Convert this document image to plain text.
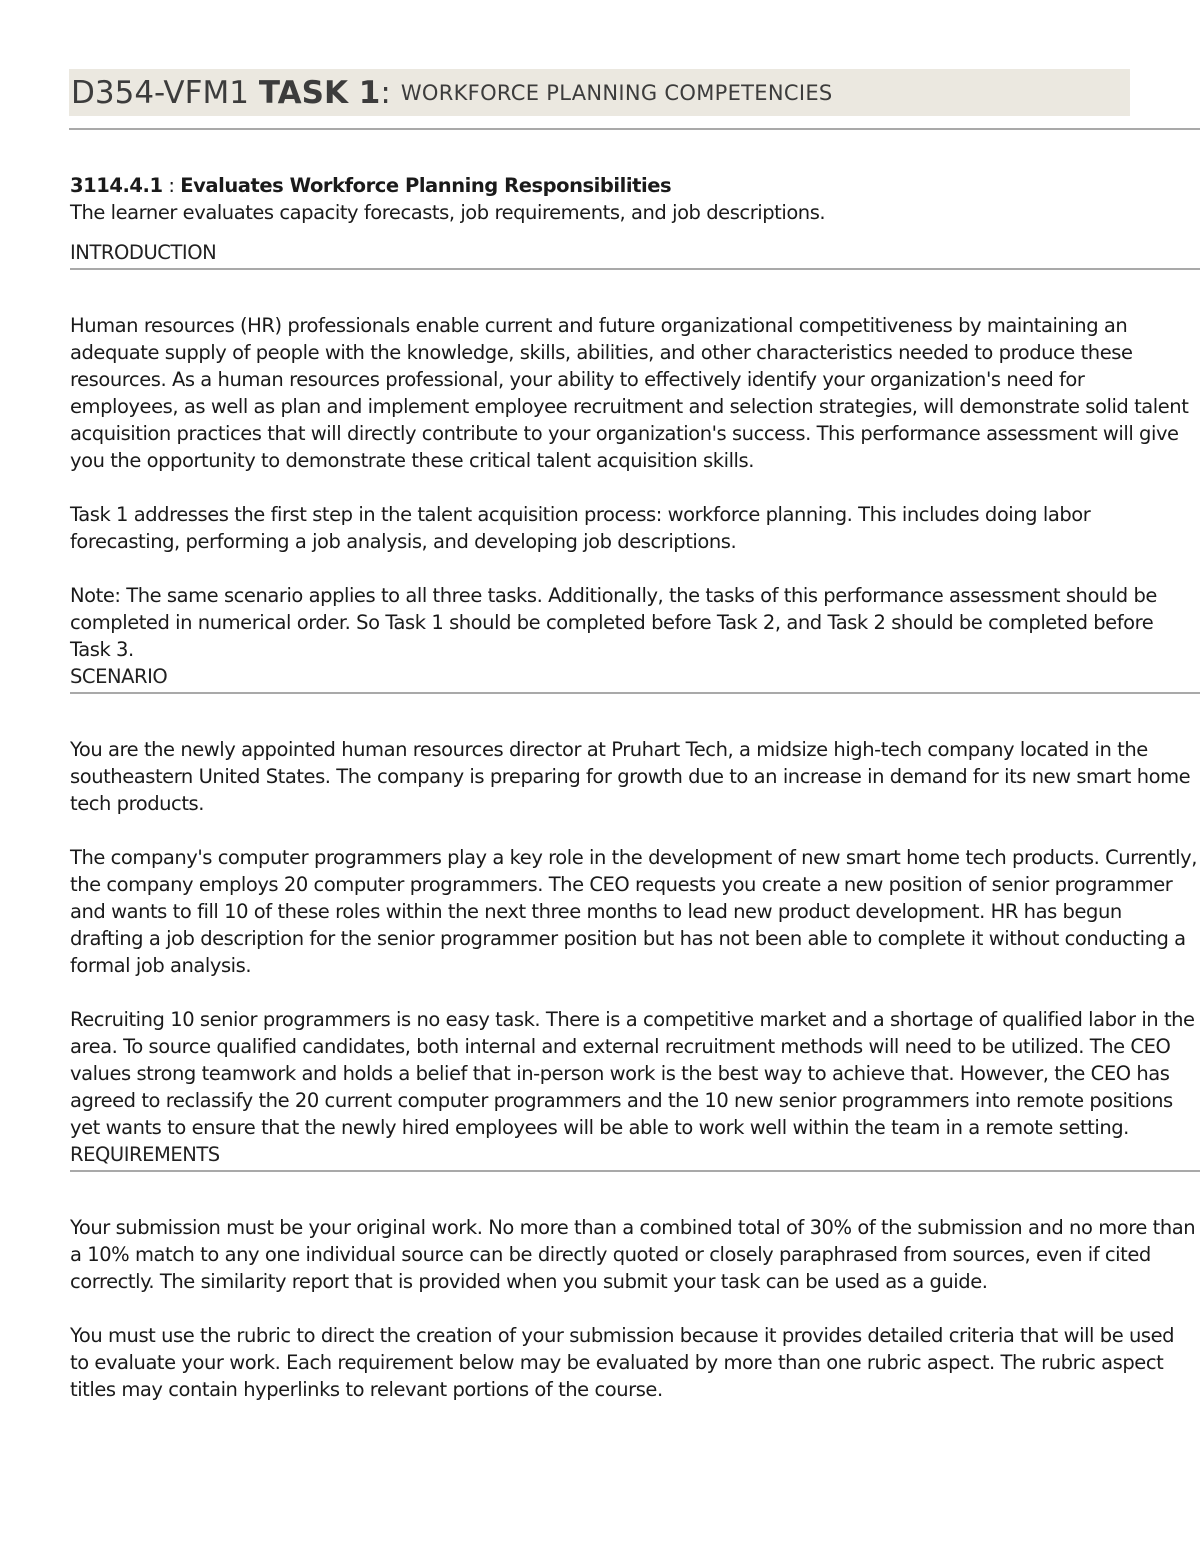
D354-VFM1 TASK 1 : WORKFORCE PLANNING COMPETENCIES

3114.4.1 : Evaluates Workforce Planning Responsibilities

The learner evaluates capacity forecasts, job requirements, and job descriptions.

INTRODUCTION

Human resources (HR) professionals enable current and future organizational competitiveness by maintaining an adequate supply of people with the knowledge, skills, abilities, and other characteristics needed to produce these resources. As a human resources professional, your ability to effectively identify your organization's need for employees, as well as plan and implement employee recruitment and selection strategies, will demonstrate solid talent acquisition practices that will directly contribute to your organization's success. This performance assessment will give you the opportunity to demonstrate these critical talent acquisition skills.

Task 1 addresses the first step in the talent acquisition process: workforce planning. This includes doing labor forecasting, performing a job analysis, and developing job descriptions.

Note: The same scenario applies to all three tasks. Additionally, the tasks of this performance assessment should be completed in numerical order. So Task 1 should be completed before Task 2, and Task 2 should be completed before Task 3.

SCENARIO

You are the newly appointed human resources director at Pruhart Tech, a midsize high-tech company located in the southeastern United States. The company is preparing for growth due to an increase in demand for its new smart home tech products.

The company's computer programmers play a key role in the development of new smart home tech products. Currently, the company employs 20 computer programmers. The CEO requests you create a new position of senior programmer and wants to fill 10 of these roles within the next three months to lead new product development. HR has begun drafting a job description for the senior programmer position but has not been able to complete it without conducting a formal job analysis.

Recruiting 10 senior programmers is no easy task. There is a competitive market and a shortage of qualified labor in the area. To source qualified candidates, both internal and external recruitment methods will need to be utilized. The CEO values strong teamwork and holds a belief that in-person work is the best way to achieve that. However, the CEO has agreed to reclassify the 20 current computer programmers and the 10 new senior programmers into remote positions yet wants to ensure that the newly hired employees will be able to work well within the team in a remote setting.

REQUIREMENTS

Your submission must be your original work. No more than a combined total of 30% of the submission and no more than a 10% match to any one individual source can be directly quoted or closely paraphrased from sources, even if cited correctly. The similarity report that is provided when you submit your task can be used as a guide.

You must use the rubric to direct the creation of your submission because it provides detailed criteria that will be used to evaluate your work. Each requirement below may be evaluated by more than one rubric aspect. The rubric aspect titles may contain hyperlinks to relevant portions of the course.
